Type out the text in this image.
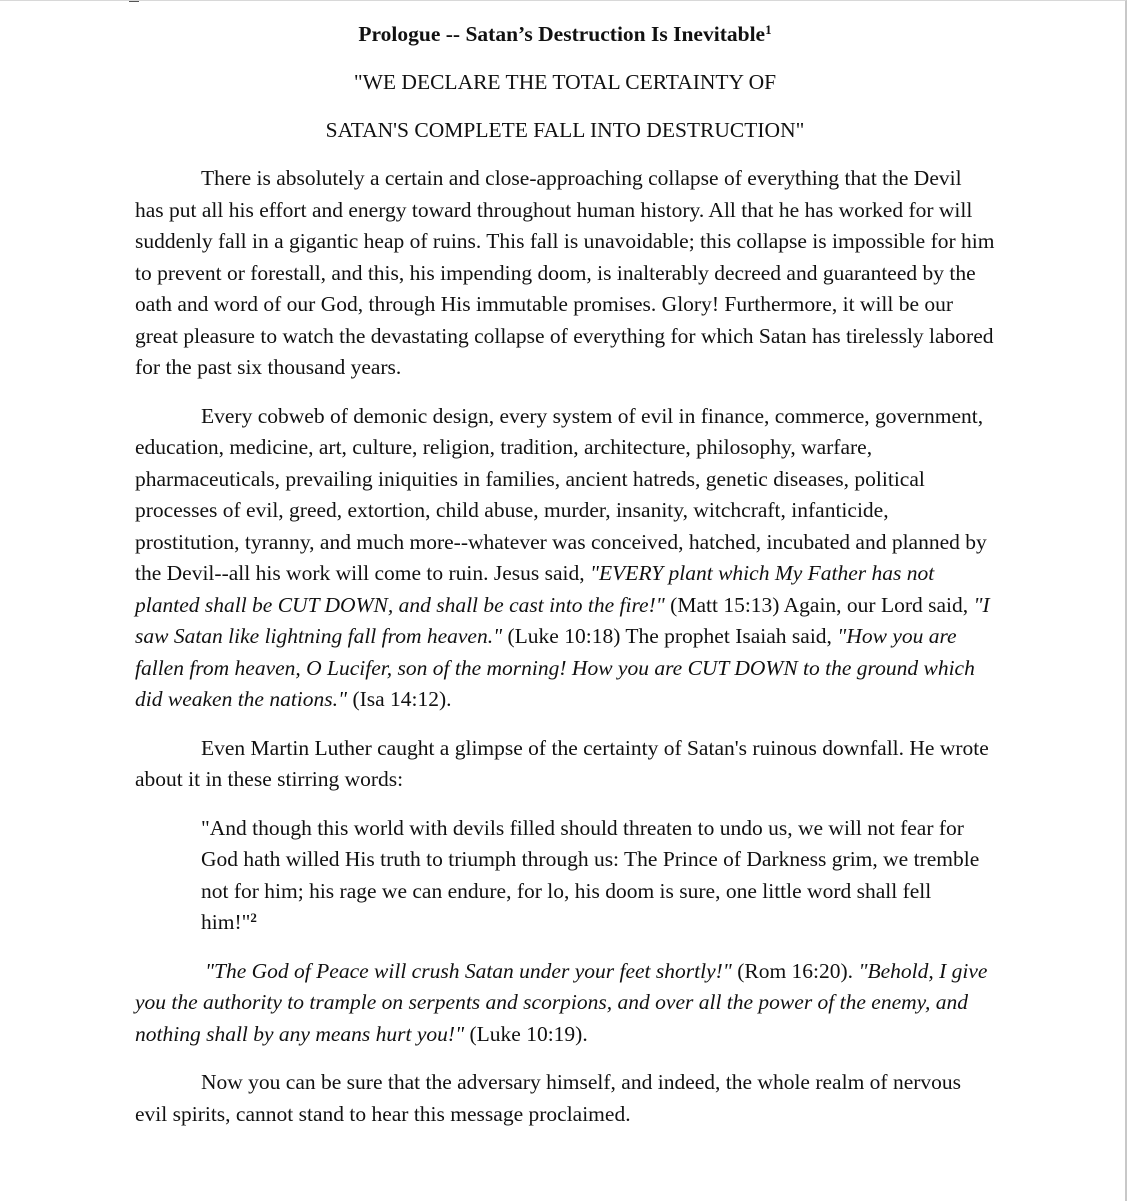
Prologue -- Satan’s Destruction Is Inevitable$^1$
"WE DECLARE THE TOTAL CERTAINTY OF
SATAN'S COMPLETE FALL INTO DESTRUCTION"

There is absolutely a certain and close-approaching collapse of everything that the Devil has put all his effort and energy toward throughout human history. All that he has worked for will suddenly fall in a gigantic heap of ruins. This fall is unavoidable; this collapse is impossible for him to prevent or forestall, and this, his impending doom, is inalterably decreed and guaranteed by the oath and word of our God, through His immutable promises. Glory! Furthermore, it will be our great pleasure to watch the devastating collapse of everything for which Satan has tirelessly labored for the past six thousand years.

Every cobweb of demonic design, every system of evil in finance, commerce, government, education, medicine, art, culture, religion, tradition, architecture, philosophy, warfare, pharmaceuticals, prevailing iniquities in families, ancient hatreds, genetic diseases, political processes of evil, greed, extortion, child abuse, murder, insanity, witchcraft, infanticide, prostitution, tyranny, and much more--whatever was conceived, hatched, incubated and planned by the Devil--all his work will come to ruin. Jesus said, "EVERY plant which My Father has not planted shall be CUT DOWN, and shall be cast into the fire!" (Matt 15:13) Again, our Lord said, "I saw Satan like lightning fall from heaven." (Luke 10:18) The prophet Isaiah said, "How you are fallen from heaven, O Lucifer, son of the morning! How you are CUT DOWN to the ground which did weaken the nations." (Isa 14:12).

Even Martin Luther caught a glimpse of the certainty of Satan's ruinous downfall. He wrote about it in these stirring words:

"And though this world with devils filled should threaten to undo us, we will not fear for God hath willed His truth to triumph through us: The Prince of Darkness grim, we tremble not for him; his rage we can endure, for lo, his doom is sure, one little word shall fell him!"$^2$

"The God of Peace will crush Satan under your feet shortly!" (Rom 16:20). "Behold, I give you the authority to trample on serpents and scorpions, and over all the power of the enemy, and nothing shall by any means hurt you!" (Luke 10:19).

Now you can be sure that the adversary himself, and indeed, the whole realm of nervous evil spirits, cannot stand to hear this message proclaimed.
